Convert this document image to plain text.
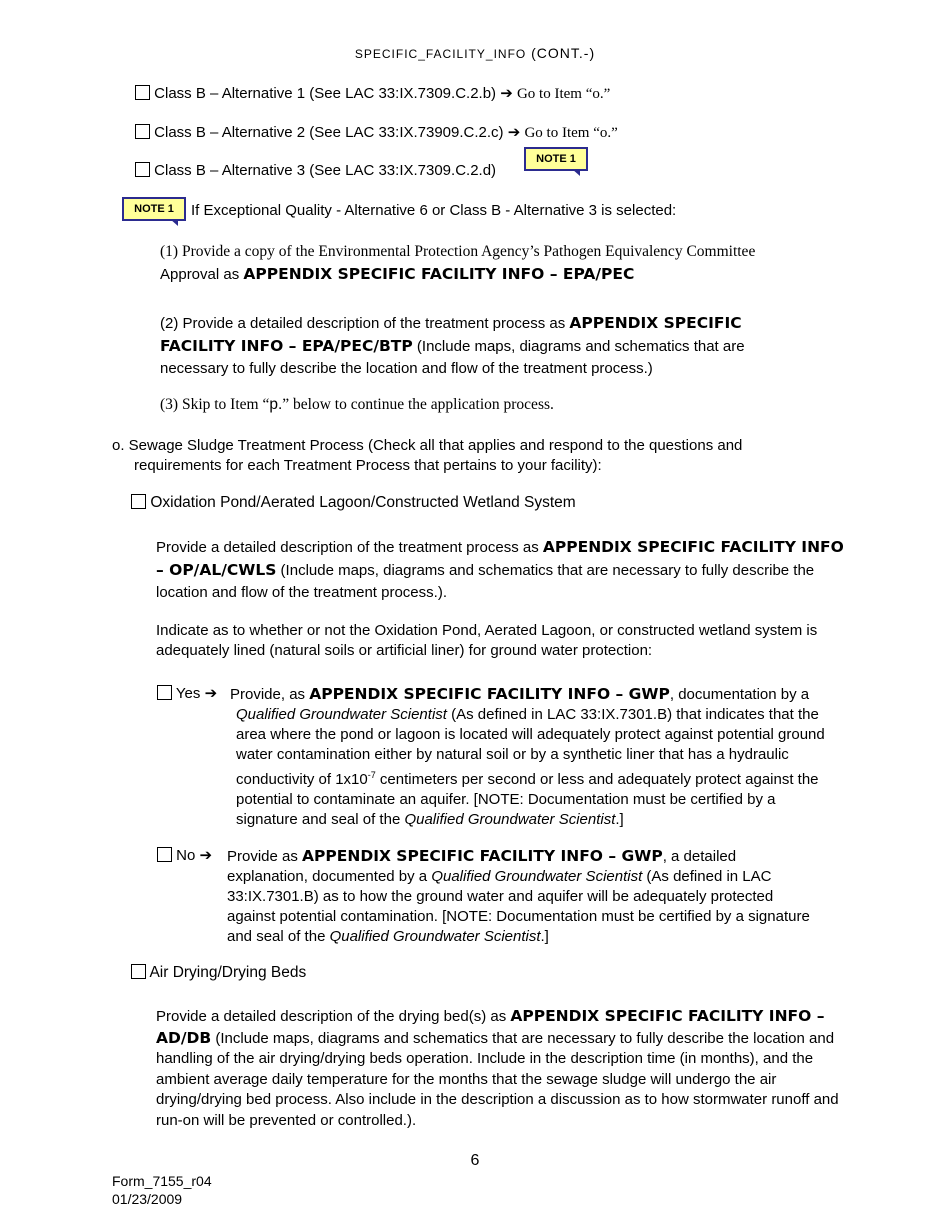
SPECIFIC_FACILITY_INFO (CONT.-)
Class B – Alternative 1 (See LAC 33:IX.7309.C.2.b) ➔ Go to Item “o.”
Class B – Alternative 2 (See LAC 33:IX.73909.C.2.c) ➔ Go to Item “o.”
Class B – Alternative 3 (See LAC 33:IX.7309.C.2.d)
NOTE 1
NOTE 1	If Exceptional Quality - Alternative 6 or Class B - Alternative 3 is selected:
(1) Provide a copy of the Environmental Protection Agency’s Pathogen Equivalency Committee
Approval as APPENDIX SPECIFIC FACILITY INFO – EPA/PEC
(2) Provide a detailed description of the treatment process as APPENDIX SPECIFIC FACILITY INFO – EPA/PEC/BTP (Include maps, diagrams and schematics that are necessary to fully describe the location and flow of the treatment process.)
(3) Skip to Item “p.” below to continue the application process.
o. Sewage Sludge Treatment Process (Check all that applies and respond to the questions and
requirements for each Treatment Process that pertains to your facility):
Oxidation Pond/Aerated Lagoon/Constructed Wetland System
Provide a detailed description of the treatment process as APPENDIX SPECIFIC FACILITY INFO – OP/AL/CWLS (Include maps, diagrams and schematics that are necessary to fully describe the location and flow of the treatment process.).
Indicate as to whether or not the Oxidation Pond, Aerated Lagoon, or constructed wetland system is adequately lined (natural soils or artificial liner) for ground water protection:
Yes ➔ Provide, as APPENDIX SPECIFIC FACILITY INFO – GWP, documentation by a Qualified Groundwater Scientist (As defined in LAC 33:IX.7301.B) that indicates that the area where the pond or lagoon is located will adequately protect against potential ground water contamination either by natural soil or by a synthetic liner that has a hydraulic conductivity of $1x10^{-7}$ centimeters per second or less and adequately protect against the potential to contaminate an aquifer. [NOTE: Documentation must be certified by a signature and seal of the Qualified Groundwater Scientist.]
No ➔ Provide as APPENDIX SPECIFIC FACILITY INFO – GWP, a detailed explanation, documented by a Qualified Groundwater Scientist (As defined in LAC 33:IX.7301.B) as to how the ground water and aquifer will be adequately protected against potential contamination. [NOTE: Documentation must be certified by a signature and seal of the Qualified Groundwater Scientist.]
Air Drying/Drying Beds
Provide a detailed description of the drying bed(s) as APPENDIX SPECIFIC FACILITY INFO – AD/DB (Include maps, diagrams and schematics that are necessary to fully describe the location and handling of the air drying/drying beds operation. Include in the description time (in months), and the ambient average daily temperature for the months that the sewage sludge will undergo the air drying/drying bed process. Also include in the description a discussion as to how stormwater runoff and run-on will be prevented or controlled.).
6
Form_7155_r04
01/23/2009
